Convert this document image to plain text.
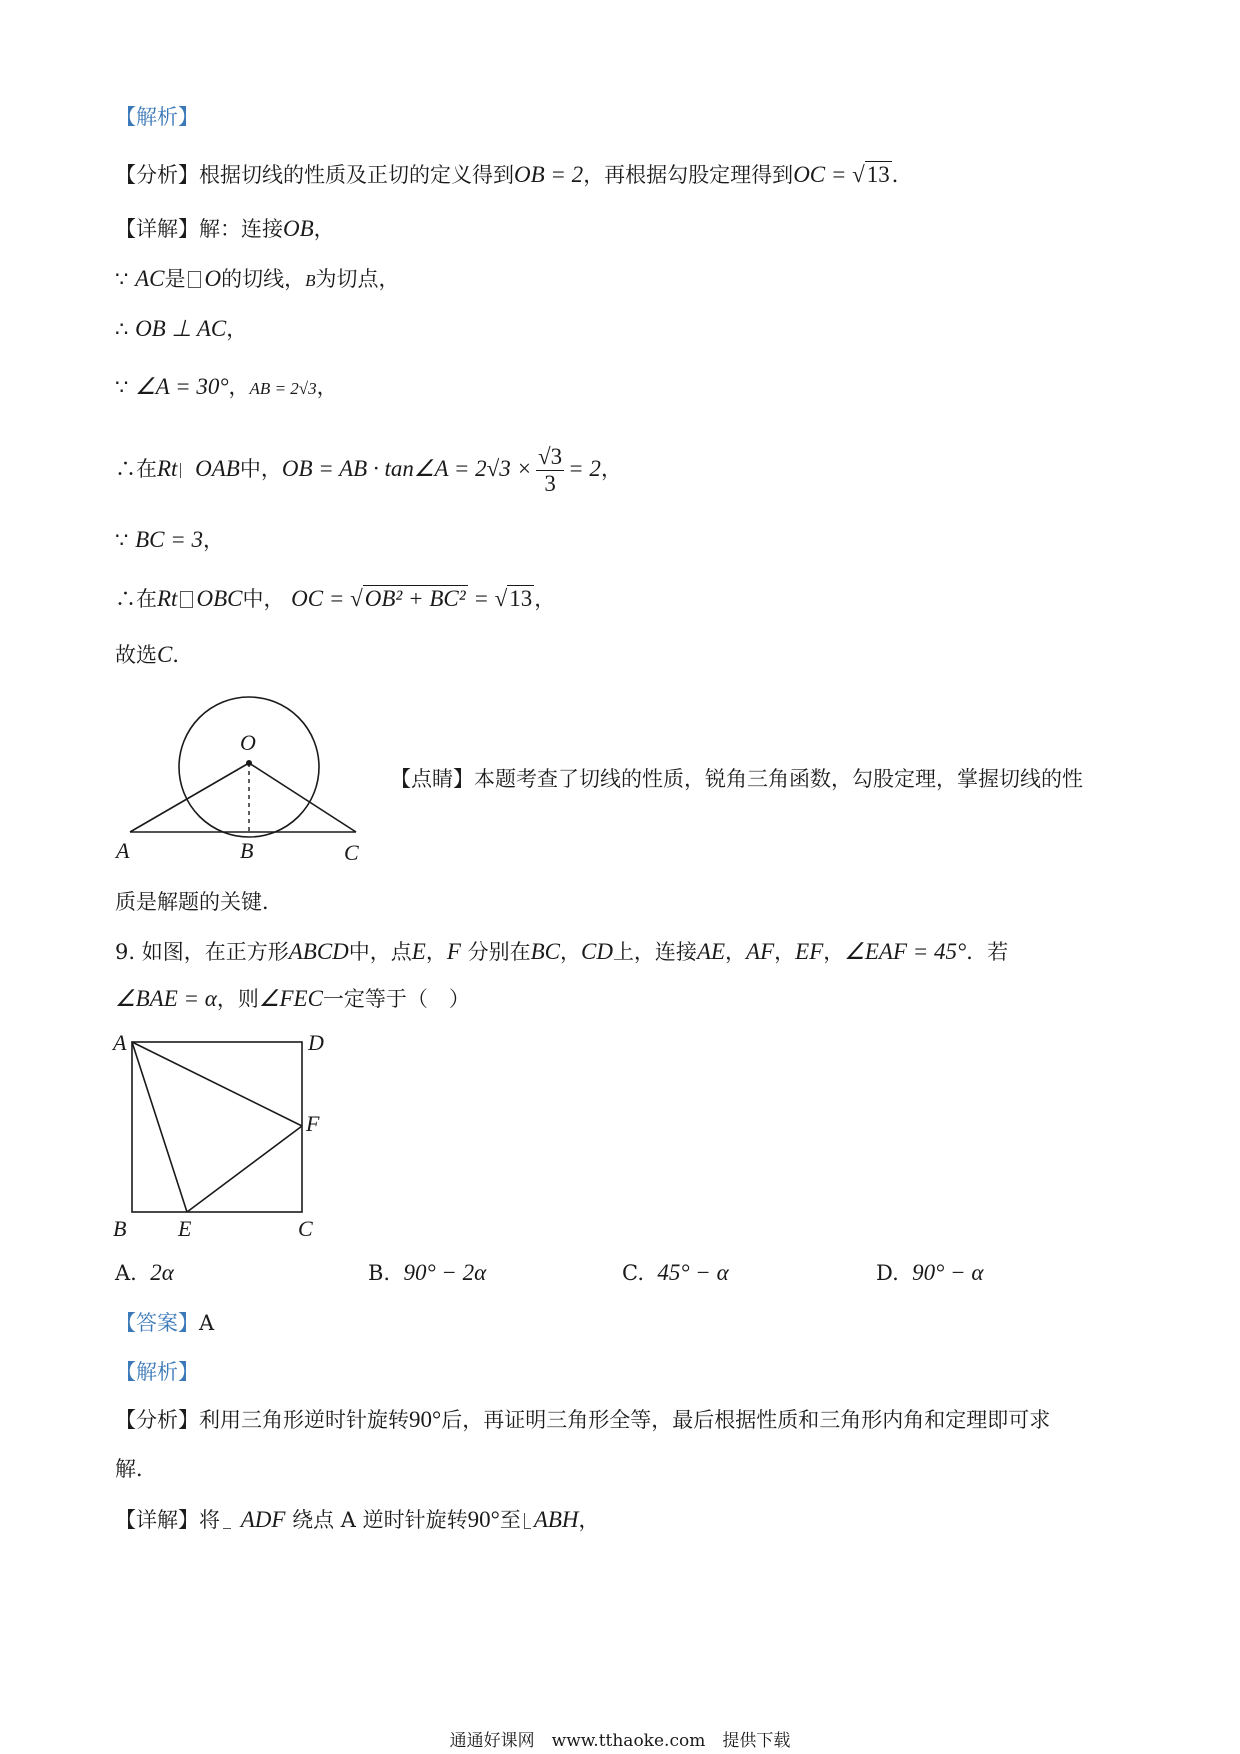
【解析】
【分析】根据切线的性质及正切的定义得到OB = 2，再根据勾股定理得到OC = √13．
【详解】解：连接OB，
∵ AC是 O的切线，B为切点，
∴ OB ⊥ AC，
∵ ∠A = 30°，AB = 2√3，
∴在Rt OAB中，OB = AB · tan∠A = $2√3 \times \frac{√3}{3} = 2$，
∵ BC = 3，
∴在Rt OBC中， OC = √OB² + BC² = √13，
故选C．
O
A	B	C
【点睛】本题考查了切线的性质，锐角三角函数，勾股定理，掌握切线的性
质是解题的关键．
9. 如图，在正方形ABCD中，点E，F 分别在BC，CD上，连接AE，AF，EF，∠EAF = 45°．若
∠BAE = α，则∠FEC一定等于（　）
A	D
F
B E	C
A. 2α	B. 90° − 2α	C. 45° − α	D. 90° − α
【答案】A
【解析】
【分析】利用三角形逆时针旋转90°后，再证明三角形全等，最后根据性质和三角形内角和定理即可求
解．
【详解】将 ADF 绕点 A 逆时针旋转90°至 ABH，
通通好课网　www.tthaoke.com　提供下载
